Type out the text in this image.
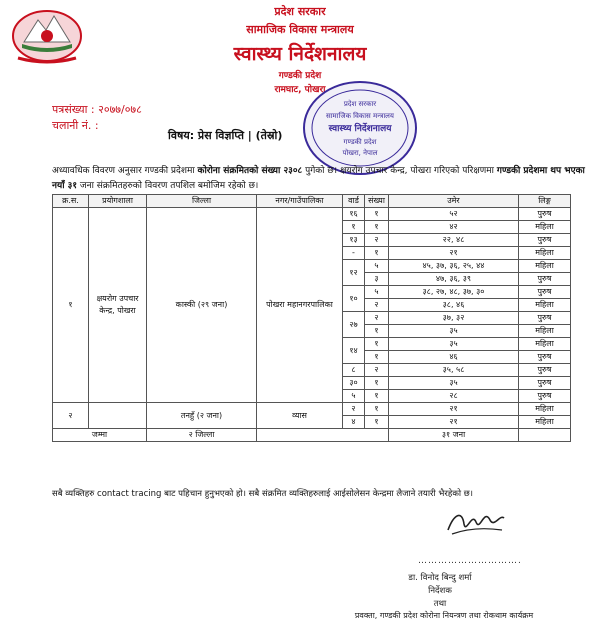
प्रदेश सरकार
सामाजिक विकास मन्त्रालय
स्वास्थ्य निर्देशनालय
गण्डकी प्रदेश
रामघाट, पोखरा
प्रदेश सरकार
सामाजिक विकास मन्त्रालय
स्वास्थ्य निर्देशनालय
गण्डकी प्रदेश
पोखरा, नेपाल
पत्रसंख्या : २०७७/०७८
चलानी नं. :
विषय: प्रेस विज्ञप्ति | (तेस्रो)
अध्यावधिक विवरण अनुसार गण्डकी प्रदेशमा कोरोना संक्रमितको संख्या २३०८ पुगेको छ। क्षयरोग उपचार केन्द्र, पोखरा गरिएको परिक्षणमा गण्डकी प्रदेशमा थप भएका नयाँ ३१ जना संक्रमितहरुको विवरण तपशिल बमोजिम रहेको छ।
क्र.स.	प्रयोगशाला	जिल्ला	नगर/गाउँपालिका	वार्ड	संख्या	उमेर	लिङ्ग
१	क्षयरोग उपचार केन्द्र, पोखरा	कास्की (२९ जना)	पोखरा महानगरपालिका	१६	१	५२	पुरुष
				१	१	४२	महिला
				१३	२	२२, ४८	पुरुष
				-	१	२१	महिला
				१२	५	४५, ३७, ३६, २५, ४४	महिला
					३	४७, ३६, ३९	पुरुष
				१०	५	३८, २७, ४८, ३७, ३०	पुरुष
					२	३८, ४६	महिला
				२७	२	३७, ३२	पुरुष
					१	३५	महिला
				१४	१	३५	महिला
					१	४६	पुरुष
				८	२	३५, ५८	पुरुष
				३०	१	३५	पुरुष
				५	१	२८	पुरुष
२		तनहुँ (२ जना)	व्यास	२	१	२१	महिला
				४	१	२१	महिला
जम्मा		२ जिल्ला				३१ जना	
सबै व्यक्तिहरु contact tracing बाट पहिचान हुनुभएको हो। सबै संक्रमित व्यक्तिहरुलाई आईसोलेसन केन्द्रमा लैजाने तयारी भैरहेको छ।
………………………….
डा. विनोद बिन्दु शर्मा
निर्देशक
तथा
प्रवक्ता, गण्डकी प्रदेश कोरोना नियन्त्रण तथा रोकथाम कार्यक्रम
